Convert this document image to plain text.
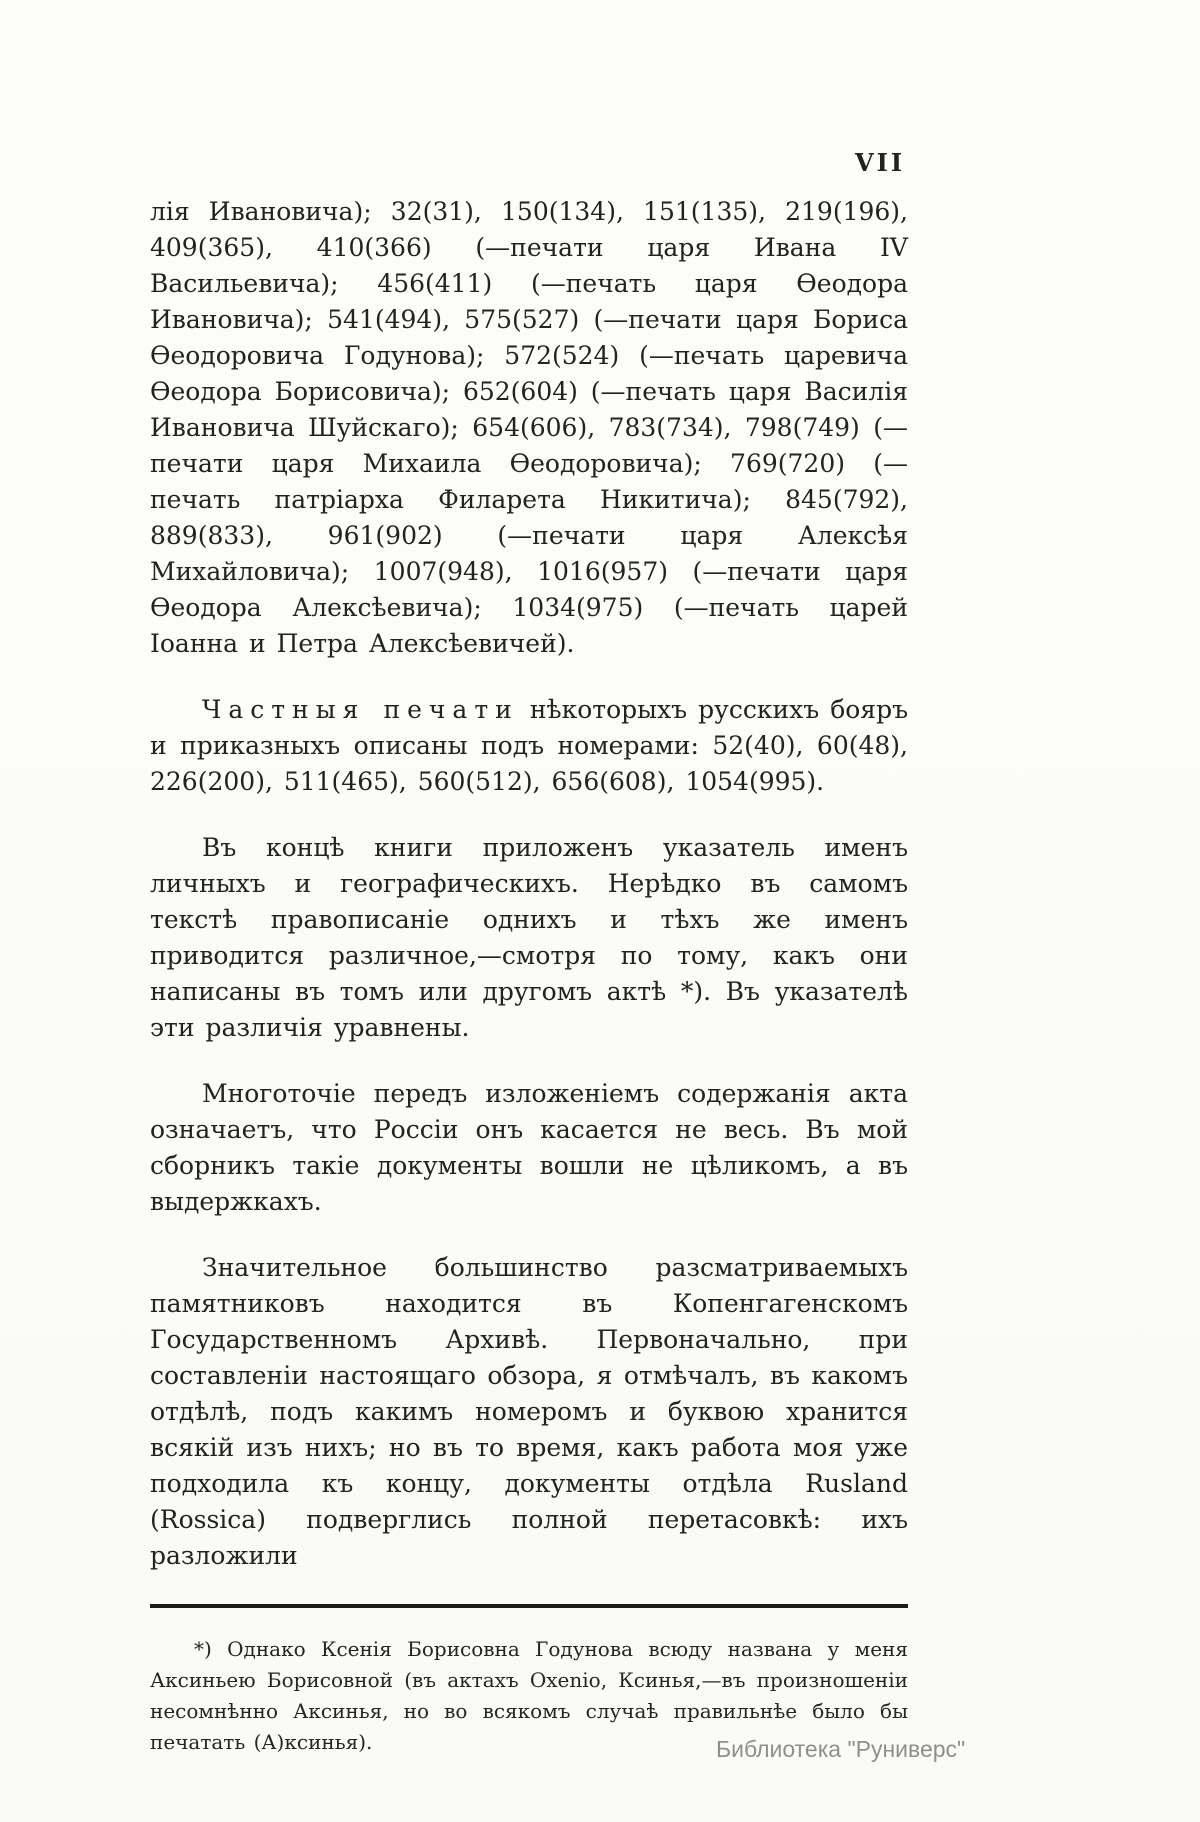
VII

лія Ивановича); 32(31), 150(134), 151(135), 219(196), 409(365), 410(366) (—печати царя Ивана IV Васильевича); 456(411) (—печать царя Ѳеодора Ивановича); 541(494), 575(527) (—печати царя Бориса Ѳеодоровича Годунова); 572(524) (—печать царевича Ѳеодора Борисовича); 652(604) (—печать царя Василія Ивановича Шуйскаго); 654(606), 783(734), 798(749) (—печати царя Михаила Ѳеодоровича); 769(720) (—печать патріарха Филарета Никитича); 845(792), 889(833), 961(902) (—печати царя Алексѣя Михайловича); 1007(948), 1016(957) (—печати царя Ѳеодора Алексѣевича); 1034(975) (—печать царей Іоанна и Петра Алексѣевичей).

Частныя печати нѣкоторыхъ русскихъ бояръ и приказныхъ описаны подъ номерами: 52(40), 60(48), 226(200), 511(465), 560(512), 656(608), 1054(995).

Въ концѣ книги приложенъ указатель именъ личныхъ и географическихъ. Нерѣдко въ самомъ текстѣ правописаніе однихъ и тѣхъ же именъ приводится различное,—смотря по тому, какъ они написаны въ томъ или другомъ актѣ *). Въ указателѣ эти различія уравнены.

Многоточіе передъ изложеніемъ содержанія акта означаетъ, что Россіи онъ касается не весь. Въ мой сборникъ такіе документы вошли не цѣликомъ, а въ выдержкахъ.

Значительное большинство разсматриваемыхъ памятниковъ находится въ Копенгагенскомъ Государственномъ Архивѣ. Первоначально, при составленіи настоящаго обзора, я отмѣчалъ, въ какомъ отдѣлѣ, подъ какимъ номеромъ и буквою хранится всякій изъ нихъ; но въ то время, какъ работа моя уже подходила къ концу, документы отдѣла Rusland (Rossica) подверглись полной перетасовкѣ: ихъ разложили

*) Однако Ксенія Борисовна Годунова всюду названа у меня Аксиньею Борисовной (въ актахъ Oxenio, Ксинья,—въ произношеніи несомнѣнно Аксинья, но во всякомъ случаѣ правильнѣе было бы печатать (А)ксинья).	Библиотека "Руниверс"
